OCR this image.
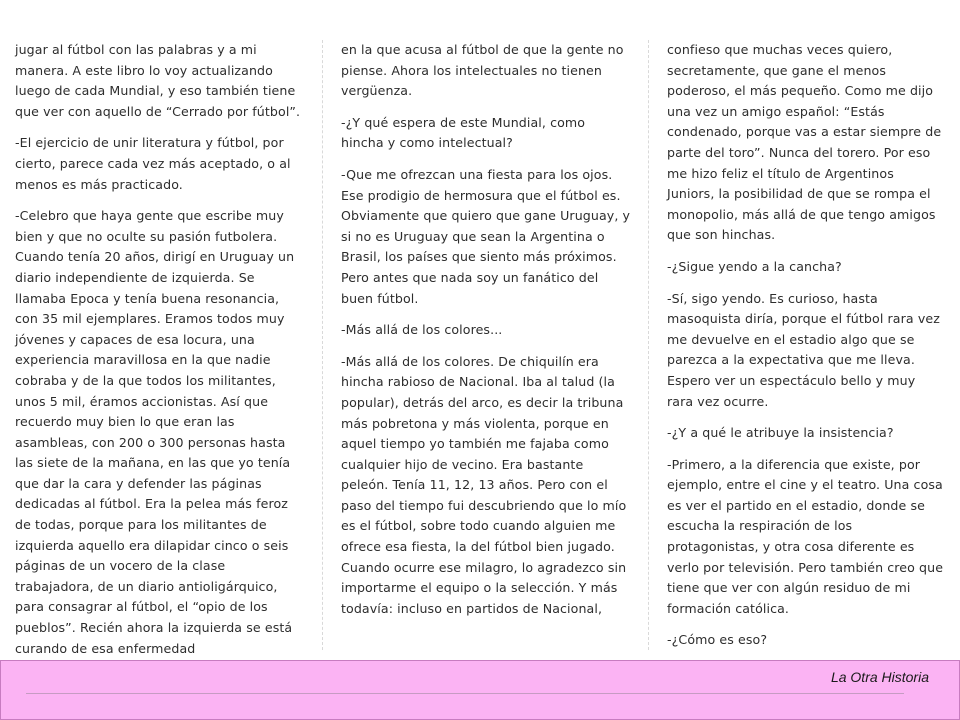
jugar al fútbol con las palabras y a mi manera. A este libro lo voy actualizando luego de cada Mundial, y eso también tiene que ver con aquello de “Cerrado por fútbol”.

-El ejercicio de unir literatura y fútbol, por cierto, parece cada vez más aceptado, o al menos es más practicado.

-Celebro que haya gente que escribe muy bien y que no oculte su pasión futbolera. Cuando tenía 20 años, dirigí en Uruguay un diario independiente de izquierda. Se llamaba Epoca y tenía buena resonancia, con 35 mil ejemplares. Eramos todos muy jóvenes y capaces de esa locura, una experiencia maravillosa en la que nadie cobraba y de la que todos los militantes, unos 5 mil, éramos accionistas. Así que recuerdo muy bien lo que eran las asambleas, con 200 o 300 personas hasta las siete de la mañana, en las que yo tenía que dar la cara y defender las páginas dedicadas al fútbol. Era la pelea más feroz de todas, porque para los militantes de izquierda aquello era dilapidar cinco o seis páginas de un vocero de la clase trabajadora, de un diario antioligárquico, para consagrar al fútbol, el “opio de los pueblos”. Recién ahora la izquierda se está curando de esa enfermedad

en la que acusa al fútbol de que la gente no piense. Ahora los intelectuales no tienen vergüenza.

-¿Y qué espera de este Mundial, como hincha y como intelectual?

-Que me ofrezcan una fiesta para los ojos. Ese prodigio de hermosura que el fútbol es. Obviamente que quiero que gane Uruguay, y si no es Uruguay que sean la Argentina o Brasil, los países que siento más próximos. Pero antes que nada soy un fanático del buen fútbol.

-Más allá de los colores...

-Más allá de los colores. De chiquilín era hincha rabioso de Nacional. Iba al talud (la popular), detrás del arco, es decir la tribuna más pobretona y más violenta, porque en aquel tiempo yo también me fajaba como cualquier hijo de vecino. Era bastante peleón. Tenía 11, 12, 13 años. Pero con el paso del tiempo fui descubriendo que lo mío es el fútbol, sobre todo cuando alguien me ofrece esa fiesta, la del fútbol bien jugado. Cuando ocurre ese milagro, lo agradezco sin importarme el equipo o la selección. Y más todavía: incluso en partidos de Nacional,

confieso que muchas veces quiero, secretamente, que gane el menos poderoso, el más pequeño. Como me dijo una vez un amigo español: “Estás condenado, porque vas a estar siempre de parte del toro”. Nunca del torero. Por eso me hizo feliz el título de Argentinos Juniors, la posibilidad de que se rompa el monopolio, más allá de que tengo amigos que son hinchas.

-¿Sigue yendo a la cancha?

-Sí, sigo yendo. Es curioso, hasta masoquista diría, porque el fútbol rara vez me devuelve en el estadio algo que se parezca a la expectativa que me lleva. Espero ver un espectáculo bello y muy rara vez ocurre.

-¿Y a qué le atribuye la insistencia?

-Primero, a la diferencia que existe, por ejemplo, entre el cine y el teatro. Una cosa es ver el partido en el estadio, donde se escucha la respiración de los protagonistas, y otra cosa diferente es verlo por televisión. Pero también creo que tiene que ver con algún residuo de mi formación católica.

-¿Cómo es eso?

La Otra Historia
